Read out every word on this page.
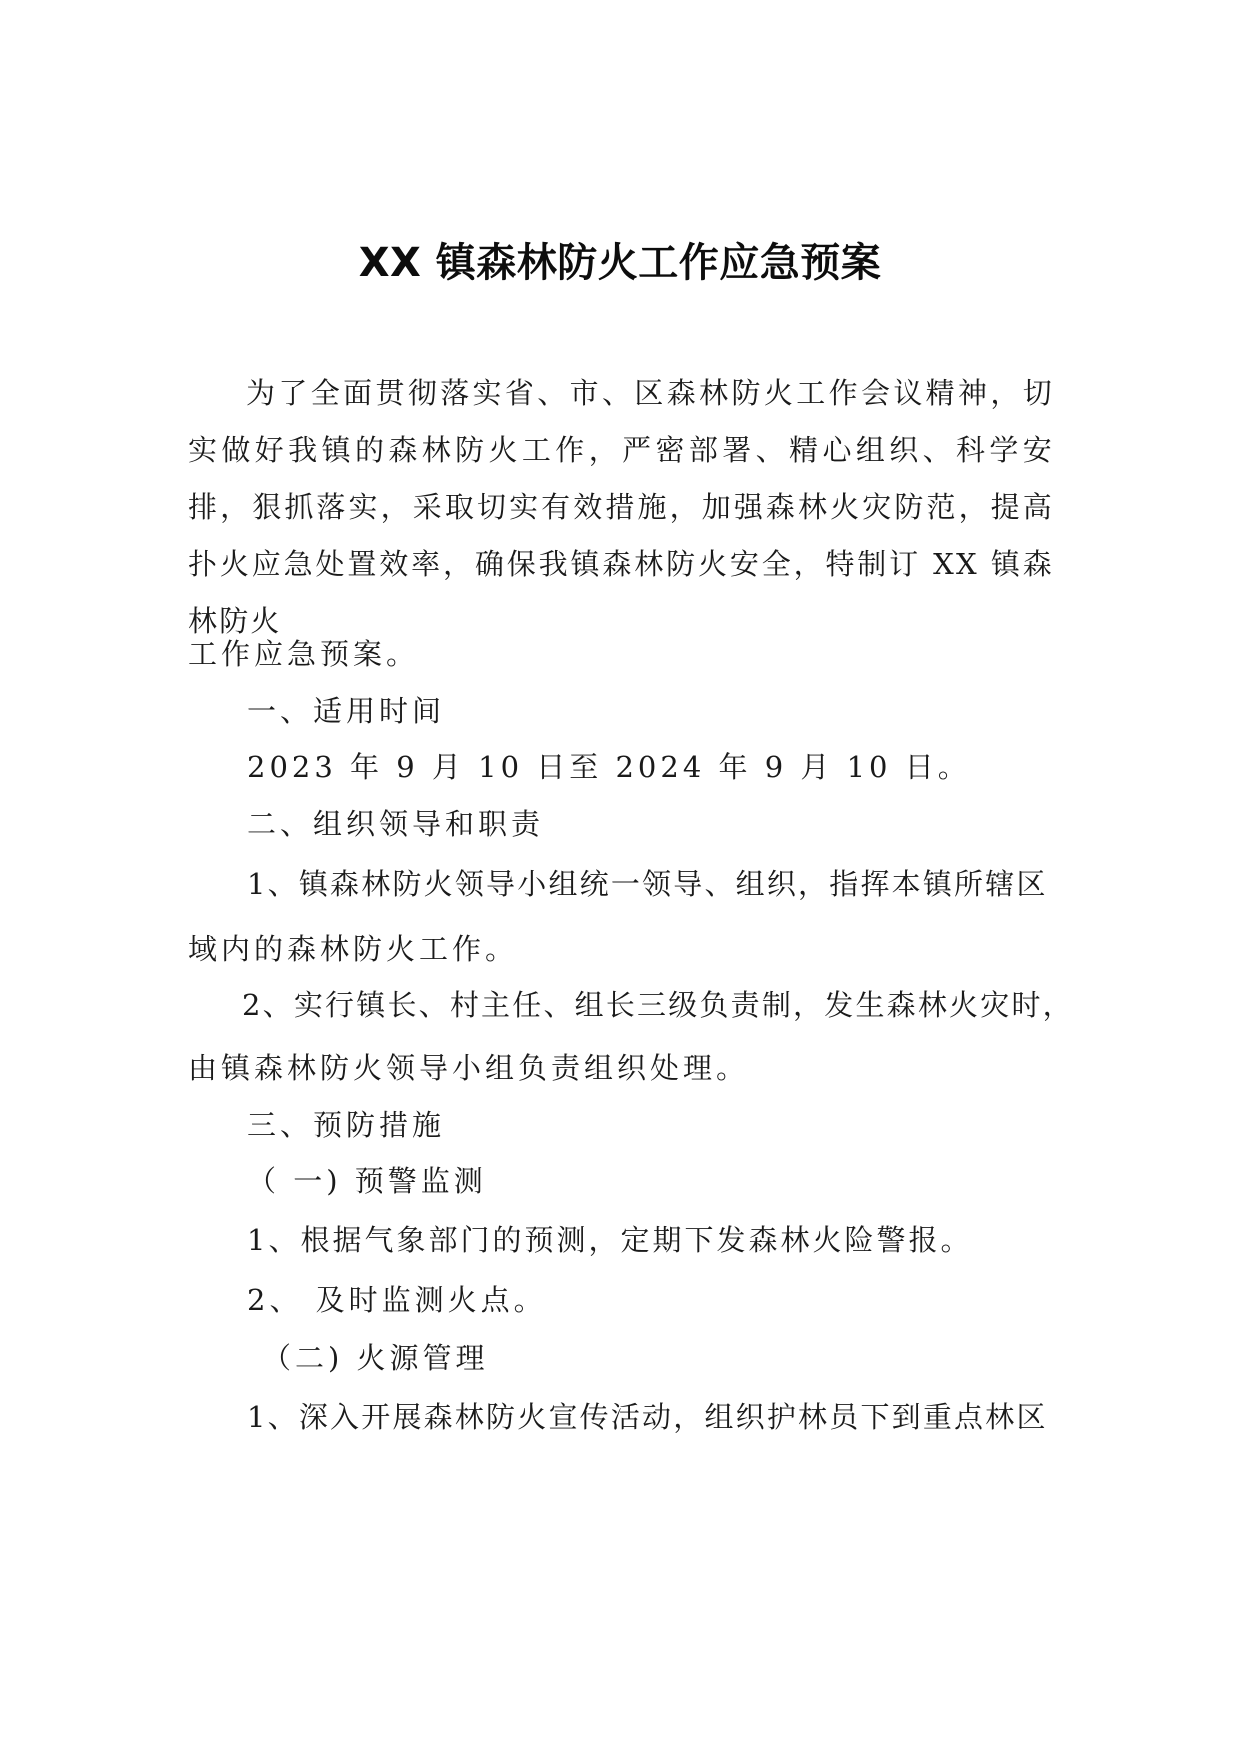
XX 镇森林防火工作应急预案

为了全面贯彻落实省、市、区森林防火工作会议精神，切实做好我镇的森林防火工作，严密部署、精心组织、科学安排，狠抓落实，采取切实有效措施，加强森林火灾防范，提高扑火应急处置效率，确保我镇森林防火安全，特制订 XX 镇森林防火

工作应急预案。
一、适用时间
2023 年 9 月 10 日至 2024 年 9 月 10 日。
二、组织领导和职责
1、镇森林防火领导小组统一领导、组织，指挥本镇所辖区
域内的森林防火工作。
2、实行镇长、村主任、组长三级负责制，发生森林火灾时，
由镇森林防火领导小组负责组织处理。
三、预防措施
（ 一) 预警监测
1、根据气象部门的预测，定期下发森林火险警报。
2、 及时监测火点。
（二) 火源管理
1、深入开展森林防火宣传活动，组织护林员下到重点林区
